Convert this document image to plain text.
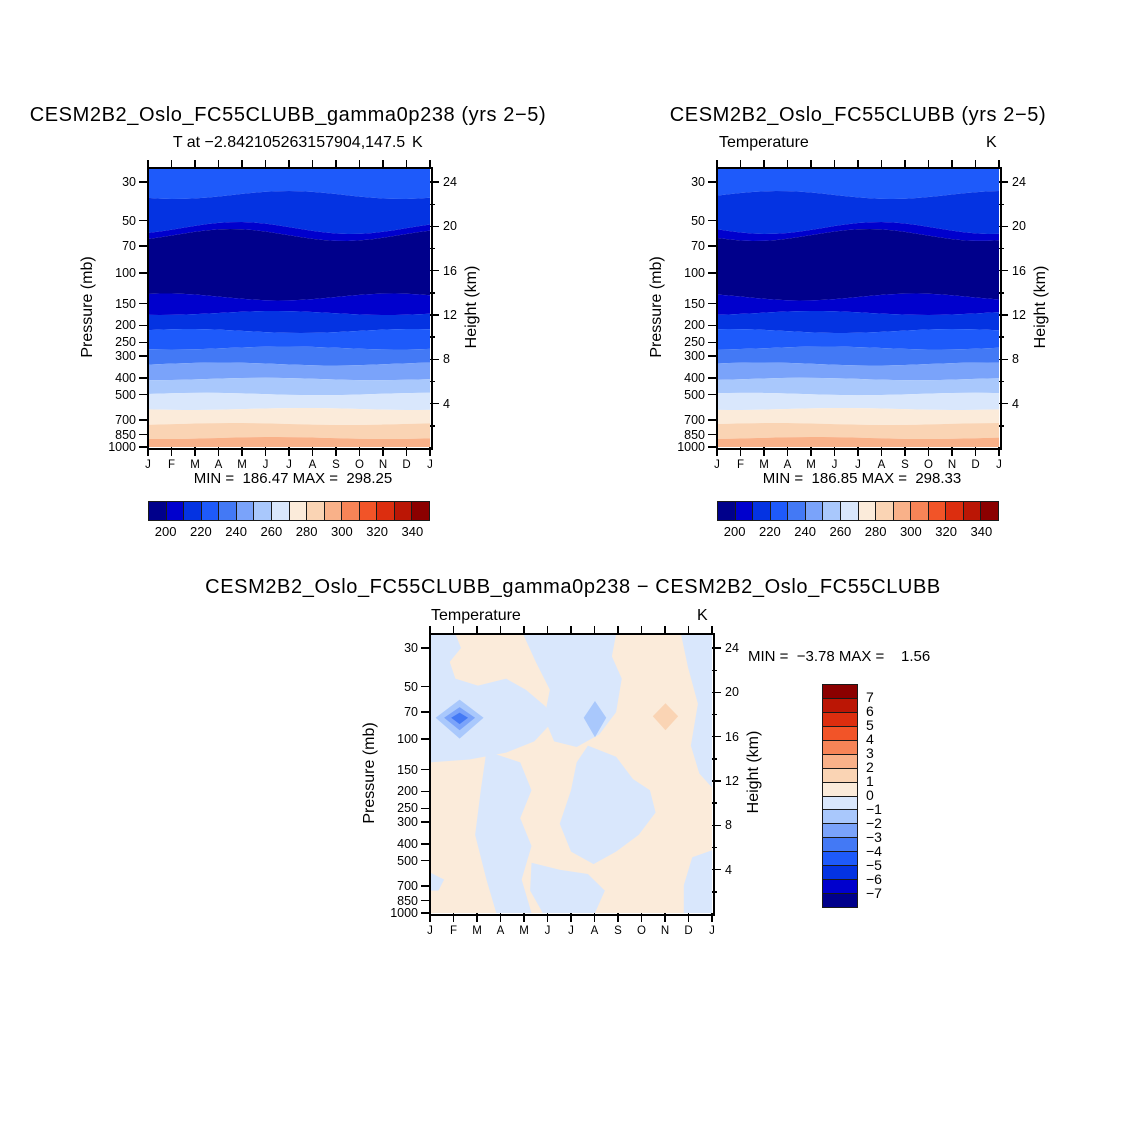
CESM2B2_Oslo_FC55CLUBB_gamma0p238 (yrs 2−5)	CESM2B2_Oslo_FC55CLUBB (yrs 2−5)
CESM2B2_Oslo_FC55CLUBB_gamma0p238 − CESM2B2_Oslo_FC55CLUBB
T at −2.842105263157904,147.5	Temperature
Temperature
K	K
K
MIN =  186.47 MAX =  298.25	MIN =  186.85 MAX =  298.33
MIN =  −3.78 MAX =    1.56
Pressure (mb)	Pressure (mb)
Pressure (mb)
Height (km)	Height (km)
Height (km)
J	F	M	A	M	J	J	A	S	O	N	D	J
30
50
70
100
150
200
250
300
400
500
700
850
1000
24
20
16
12
8
4
200	220	240	260	280	300	320	340
J	F	M	A	M	J	J	A	S	O	N	D	J
30
50
70
100
150
200
250
300
400
500
700
850
1000
24
20
16
12
8
4
200	220	240	260	280	300	320	340
J	F	M	A	M	J	J	A	S	O	N	D	J
30
50
70
100
150
200
250
300
400
500
700
850
1000
24
20
16
12
8
4
7
6
5
4
3
2
1
0
−1
−2
−3
−4
−5
−6
−7
